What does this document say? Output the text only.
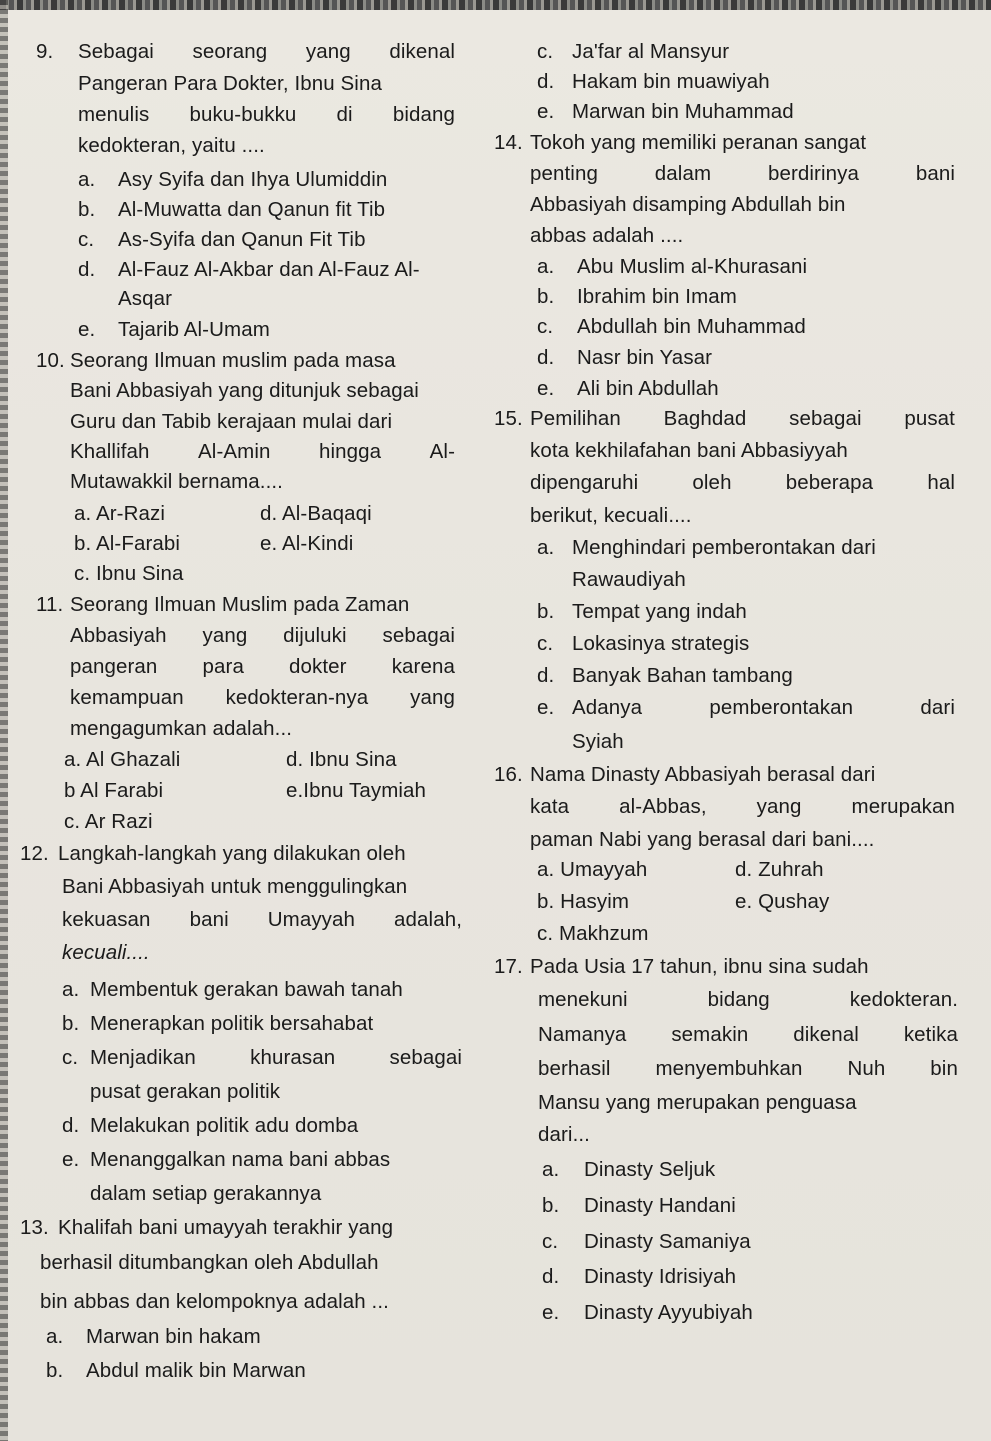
9. Sebagai seorang yang dikenal
Pangeran Para Dokter, Ibnu Sina
menulis buku-bukku di bidang
kedokteran, yaitu ....
a. Asy Syifa dan Ihya Ulumiddin
b. Al-Muwatta dan Qanun fit Tib
c. As-Syifa dan Qanun Fit Tib
d. Al-Fauz Al-Akbar dan Al-Fauz Al-
Asqar
e. Tajarib Al-Umam
10. Seorang Ilmuan muslim pada masa
Bani Abbasiyah yang ditunjuk sebagai
Guru dan Tabib kerajaan mulai dari
Khallifah Al-Amin hingga Al-
Mutawakkil bernama....
a. Ar-Razi	d. Al-Baqaqi
b. Al-Farabi	e. Al-Kindi
c. Ibnu Sina
11. Seorang Ilmuan Muslim pada Zaman
Abbasiyah yang dijuluki sebagai
pangeran para dokter karena
kemampuan kedokteran-nya yang
mengagumkan adalah...
a. Al Ghazali	d. Ibnu Sina
b Al Farabi	e.Ibnu Taymiah
c. Ar Razi
12. Langkah-langkah yang dilakukan oleh
Bani Abbasiyah untuk menggulingkan
kekuasan bani Umayyah adalah,
kecuali....
a. Membentuk gerakan bawah tanah
b. Menerapkan politik bersahabat
c. Menjadikan	khurasan	sebagai
pusat gerakan politik
d. Melakukan politik adu domba
e. Menanggalkan nama bani abbas
dalam setiap gerakannya
13. Khalifah bani umayyah terakhir yang
berhasil ditumbangkan oleh Abdullah
bin abbas dan kelompoknya adalah ...
a. Marwan bin hakam
b. Abdul malik bin Marwan
c. Ja'far al Mansyur
d. Hakam bin muawiyah
e. Marwan bin Muhammad
14. Tokoh yang memiliki peranan sangat
penting	dalam	berdirinya	bani
Abbasiyah disamping Abdullah bin
abbas adalah ....
a. Abu Muslim al-Khurasani
b. Ibrahim bin Imam
c. Abdullah bin Muhammad
d. Nasr bin Yasar
e. Ali bin Abdullah
15. Pemilihan Baghdad sebagai pusat
kota kekhilafahan bani Abbasiyyah
dipengaruhi	oleh	beberapa	hal
berikut, kecuali....
a. Menghindari pemberontakan dari
Rawaudiyah
b. Tempat yang indah
c. Lokasinya strategis
d. Banyak Bahan tambang
e. Adanya	pemberontakan	dari
Syiah
16. Nama Dinasty Abbasiyah berasal dari
kata al-Abbas, yang merupakan
paman Nabi yang berasal dari bani....
a. Umayyah	d. Zuhrah
b. Hasyim	e. Qushay
c. Makhzum
17. Pada Usia 17 tahun, ibnu sina sudah
menekuni	bidang	kedokteran.
Namanya semakin dikenal ketika
berhasil menyembuhkan Nuh bin
Mansu yang merupakan penguasa
dari...
a. Dinasty Seljuk
b. Dinasty Handani
c. Dinasty Samaniya
d. Dinasty Idrisiyah
e. Dinasty Ayyubiyah
